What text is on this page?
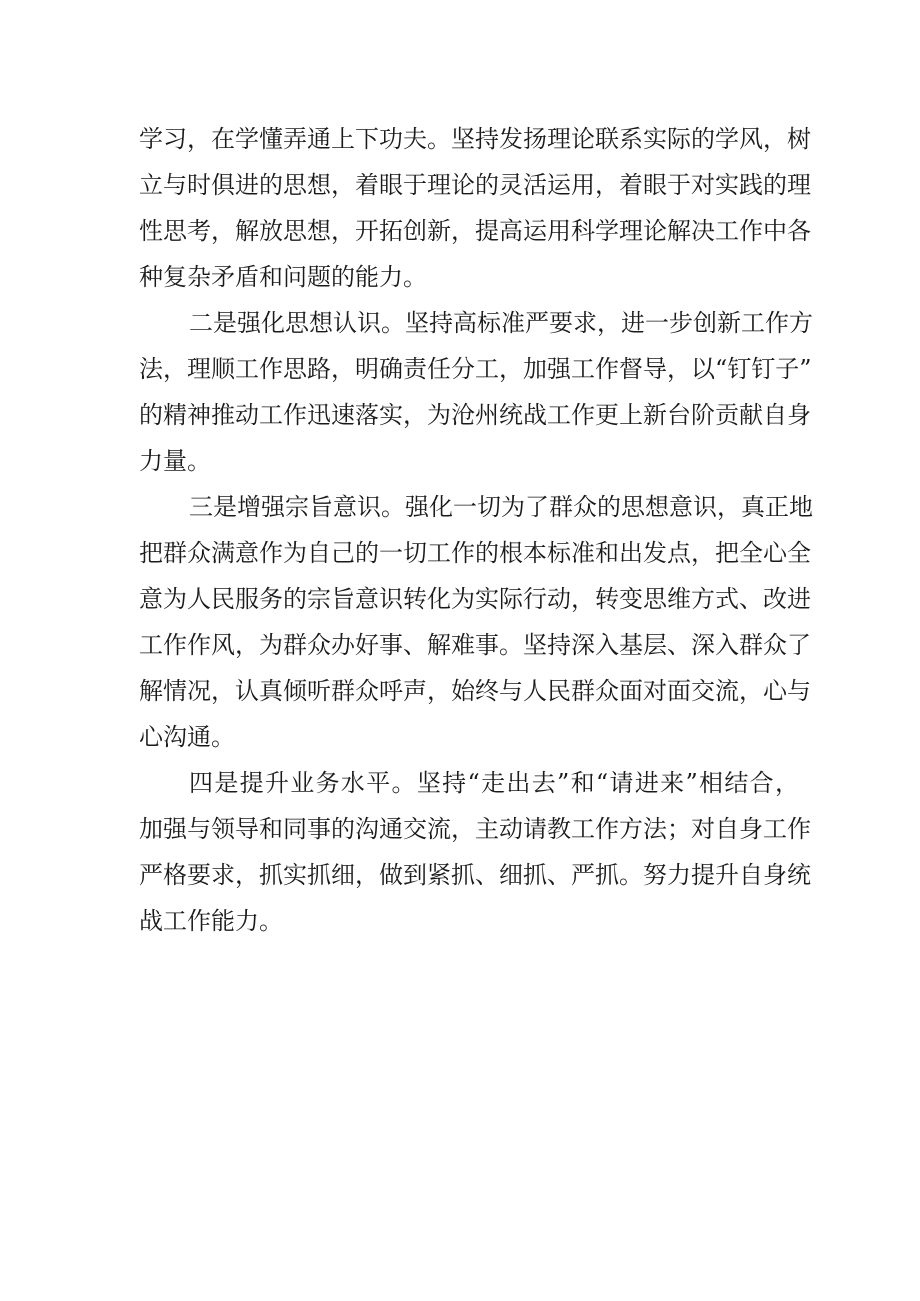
学习，在学懂弄通上下功夫。坚持发扬理论联系实际的学风，树
立与时俱进的思想，着眼于理论的灵活运用，着眼于对实践的理
性思考，解放思想，开拓创新，提高运用科学理论解决工作中各
种复杂矛盾和问题的能力。
二是强化思想认识。坚持高标准严要求，进一步创新工作方
法，理顺工作思路，明确责任分工，加强工作督导，以“钉钉子”
的精神推动工作迅速落实，为沧州统战工作更上新台阶贡献自身
力量。
三是增强宗旨意识。强化一切为了群众的思想意识，真正地
把群众满意作为自己的一切工作的根本标准和出发点，把全心全
意为人民服务的宗旨意识转化为实际行动，转变思维方式、改进
工作作风，为群众办好事、解难事。坚持深入基层、深入群众了
解情况，认真倾听群众呼声，始终与人民群众面对面交流，心与
心沟通。
四是提升业务水平。坚持“走出去”和“请进来”相结合，
加强与领导和同事的沟通交流，主动请教工作方法；对自身工作
严格要求，抓实抓细，做到紧抓、细抓、严抓。努力提升自身统
战工作能力。
